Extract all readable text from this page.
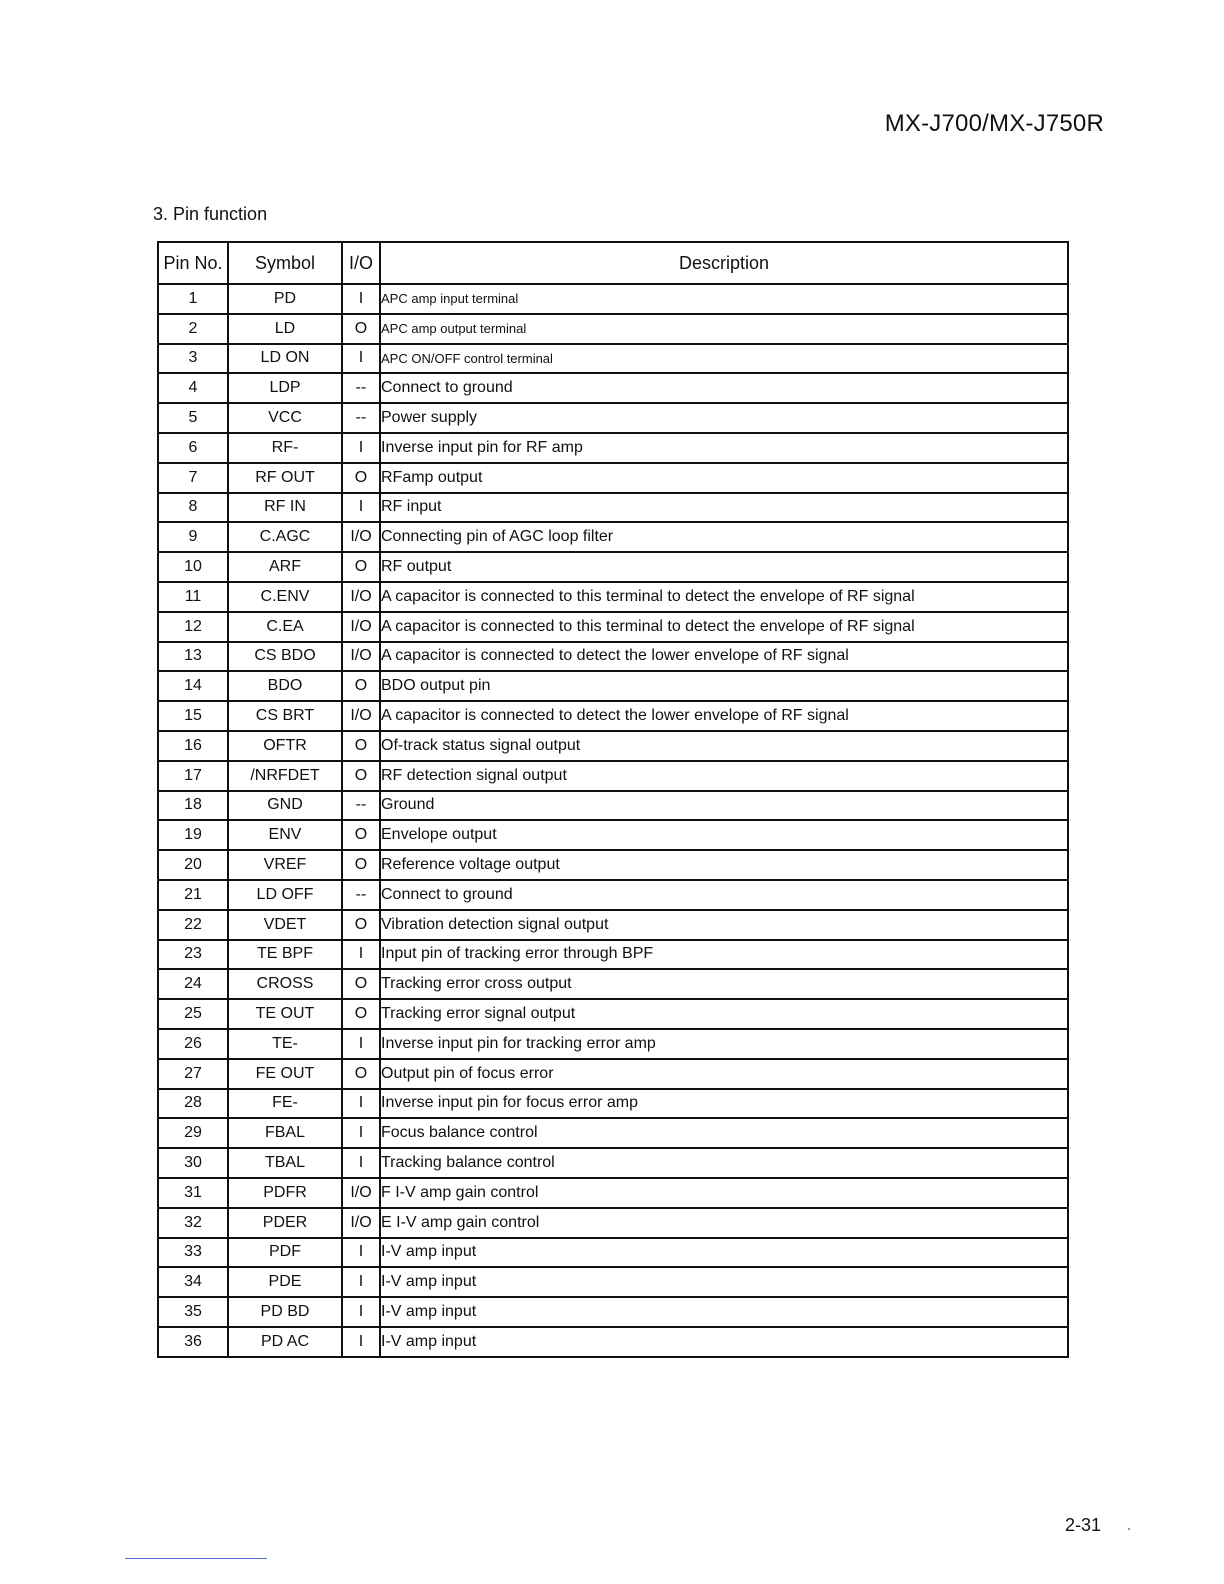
MX-J700/MX-J750R
3. Pin function
Pin No.	Symbol	I/O	Description
1	PD	I	APC amp input terminal
2	LD	O	APC amp output terminal
3	LD ON	I	APC ON/OFF control terminal
4	LDP	--	Connect to ground
5	VCC	--	Power supply
6	RF-	I	Inverse input pin for RF amp
7	RF OUT	O	RFamp output
8	RF IN	I	RF input
9	C.AGC	I/O	Connecting pin of AGC loop filter
10	ARF	O	RF output
11	C.ENV	I/O	A capacitor is connected to this terminal to detect the envelope of RF signal
12	C.EA	I/O	A capacitor is connected to this terminal to detect the envelope of RF signal
13	CS BDO	I/O	A capacitor is connected to detect the lower envelope of RF signal
14	BDO	O	BDO output pin
15	CS BRT	I/O	A capacitor is connected to detect the lower envelope of RF signal
16	OFTR	O	Of-track status signal output
17	/NRFDET	O	RF detection signal output
18	GND	--	Ground
19	ENV	O	Envelope output
20	VREF	O	Reference voltage output
21	LD OFF	--	Connect to ground
22	VDET	O	Vibration detection signal output
23	TE BPF	I	Input pin of tracking error through BPF
24	CROSS	O	Tracking error cross output
25	TE OUT	O	Tracking error signal output
26	TE-	I	Inverse input pin for tracking error amp
27	FE OUT	O	Output pin of focus error
28	FE-	I	Inverse input pin for focus error amp
29	FBAL	I	Focus balance control
30	TBAL	I	Tracking balance control
31	PDFR	I/O	F I-V amp gain control
32	PDER	I/O	E I-V amp gain control
33	PDF	I	I-V amp input
34	PDE	I	I-V amp input
35	PD BD	I	I-V amp input
36	PD AC	I	I-V amp input
2-31
